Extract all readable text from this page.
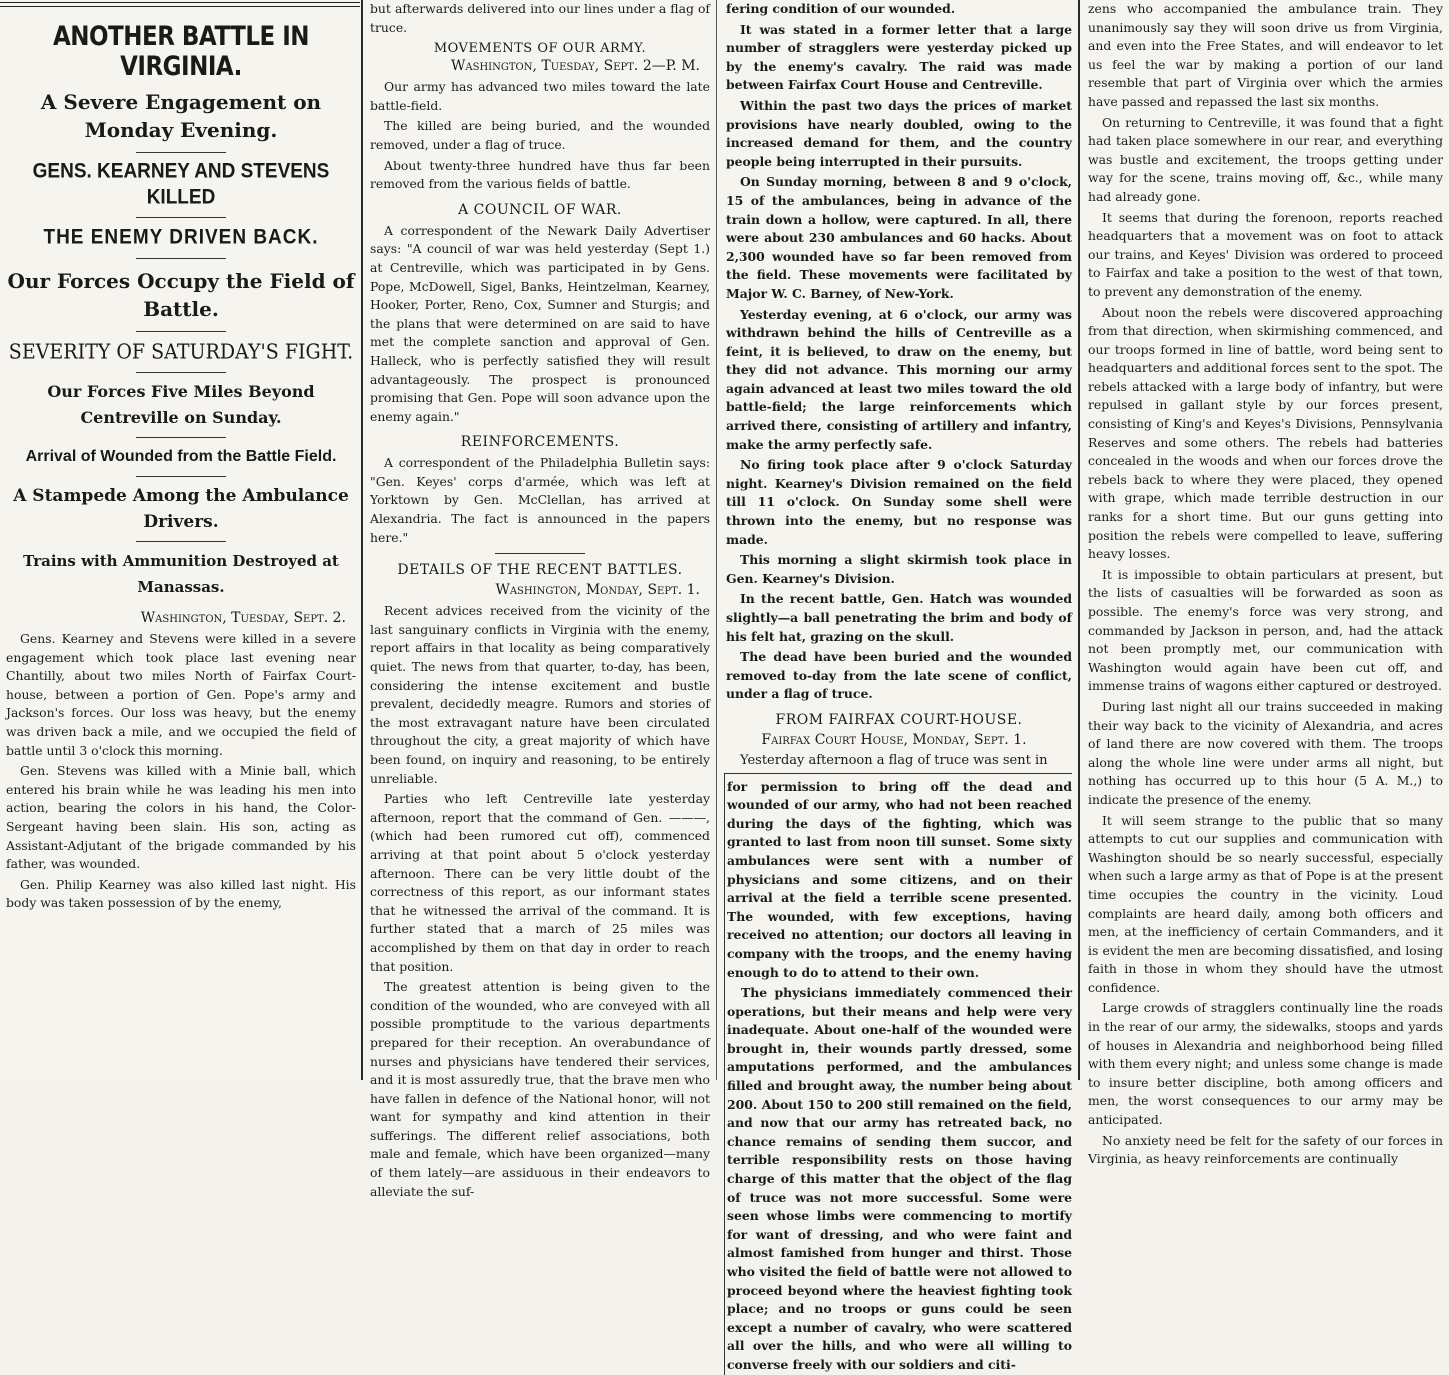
ANOTHER BATTLE IN VIRGINIA.
A Severe Engagement on Monday Evening.
GENS. KEARNEY AND STEVENS KILLED
THE ENEMY DRIVEN BACK.
Our Forces Occupy the Field of Battle.
SEVERITY OF SATURDAY'S FIGHT.
Our Forces Five Miles Beyond Centreville on Sunday.
Arrival of Wounded from the Battle Field.
A Stampede Among the Ambulance Drivers.
Trains with Ammunition Destroyed at Manassas.
Washington, Tuesday, Sept. 2.

Gens. Kearney and Stevens were killed in a severe engagement which took place last evening near Chantilly, about two miles North of Fairfax Court-house, between a portion of Gen. Pope's army and Jackson's forces. Our loss was heavy, but the enemy was driven back a mile, and we occupied the field of battle until 3 o'clock this morning.

Gen. Stevens was killed with a Minie ball, which entered his brain while he was leading his men into action, bearing the colors in his hand, the Color-Sergeant having been slain. His son, acting as Assistant-Adjutant of the brigade commanded by his father, was wounded.

Gen. Philip Kearney was also killed last night. His body was taken possession of by the enemy,

but afterwards delivered into our lines under a flag of truce.

MOVEMENTS OF OUR ARMY.
Washington, Tuesday, Sept. 2—P. M.

Our army has advanced two miles toward the late battle-field.

The killed are being buried, and the wounded removed, under a flag of truce.

About twenty-three hundred have thus far been removed from the various fields of battle.

A COUNCIL OF WAR.

A correspondent of the Newark Daily Advertiser says: "A council of war was held yesterday (Sept 1.) at Centreville, which was participated in by Gens. Pope, McDowell, Sigel, Banks, Heintzelman, Kearney, Hooker, Porter, Reno, Cox, Sumner and Sturgis; and the plans that were determined on are said to have met the complete sanction and approval of Gen. Halleck, who is perfectly satisfied they will result advantageously. The prospect is pronounced promising that Gen. Pope will soon advance upon the enemy again."

REINFORCEMENTS.

A correspondent of the Philadelphia Bulletin says: "Gen. Keyes' corps d'armée, which was left at Yorktown by Gen. McClellan, has arrived at Alexandria. The fact is announced in the papers here."

DETAILS OF THE RECENT BATTLES.
Washington, Monday, Sept. 1.

Recent advices received from the vicinity of the last sanguinary conflicts in Virginia with the enemy, report affairs in that locality as being comparatively quiet. The news from that quarter, to-day, has been, considering the intense excitement and bustle prevalent, decidedly meagre. Rumors and stories of the most extravagant nature have been circulated throughout the city, a great majority of which have been found, on inquiry and reasoning, to be entirely unreliable.

Parties who left Centreville late yesterday afternoon, report that the command of Gen. ———, (which had been rumored cut off), commenced arriving at that point about 5 o'clock yesterday afternoon. There can be very little doubt of the correctness of this report, as our informant states that he witnessed the arrival of the command. It is further stated that a march of 25 miles was accomplished by them on that day in order to reach that position.

The greatest attention is being given to the condition of the wounded, who are conveyed with all possible promptitude to the various departments prepared for their reception. An overabundance of nurses and physicians have tendered their services, and it is most assuredly true, that the brave men who have fallen in defence of the National honor, will not want for sympathy and kind attention in their sufferings. The different relief associations, both male and female, which have been organized—many of them lately—are assiduous in their endeavors to alleviate the suf-

fering condition of our wounded.

It was stated in a former letter that a large number of stragglers were yesterday picked up by the enemy's cavalry. The raid was made between Fairfax Court House and Centreville.

Within the past two days the prices of market provisions have nearly doubled, owing to the increased demand for them, and the country people being interrupted in their pursuits.

On Sunday morning, between 8 and 9 o'clock, 15 of the ambulances, being in advance of the train down a hollow, were captured. In all, there were about 230 ambulances and 60 hacks. About 2,300 wounded have so far been removed from the field. These movements were facilitated by Major W. C. Barney, of New-York.

Yesterday evening, at 6 o'clock, our army was withdrawn behind the hills of Centreville as a feint, it is believed, to draw on the enemy, but they did not advance. This morning our army again advanced at least two miles toward the old battle-field; the large reinforcements which arrived there, consisting of artillery and infantry, make the army perfectly safe.

No firing took place after 9 o'clock Saturday night. Kearney's Division remained on the field till 11 o'clock. On Sunday some shell were thrown into the enemy, but no response was made.

This morning a slight skirmish took place in Gen. Kearney's Division.

In the recent battle, Gen. Hatch was wounded slightly—a ball penetrating the brim and body of his felt hat, grazing on the skull.

The dead have been buried and the wounded removed to-day from the late scene of conflict, under a flag of truce.

FROM FAIRFAX COURT-HOUSE.
Fairfax Court House, Monday, Sept. 1.

Yesterday afternoon a flag of truce was sent in

for permission to bring off the dead and wounded of our army, who had not been reached during the days of the fighting, which was granted to last from noon till sunset. Some sixty ambulances were sent with a number of physicians and some citizens, and on their arrival at the field a terrible scene presented. The wounded, with few exceptions, having received no attention; our doctors all leaving in company with the troops, and the enemy having enough to do to attend to their own.

The physicians immediately commenced their operations, but their means and help were very inadequate. About one-half of the wounded were brought in, their wounds partly dressed, some amputations performed, and the ambulances filled and brought away, the number being about 200. About 150 to 200 still remained on the field, and now that our army has retreated back, no chance remains of sending them succor, and terrible responsibility rests on those having charge of this matter that the object of the flag of truce was not more successful. Some were seen whose limbs were commencing to mortify for want of dressing, and who were faint and almost famished from hunger and thirst. Those who visited the field of battle were not allowed to proceed beyond where the heaviest fighting took place; and no troops or guns could be seen except a number of cavalry, who were scattered all over the hills, and who were all willing to converse freely with our soldiers and citi-

zens who accompanied the ambulance train. They unanimously say they will soon drive us from Virginia, and even into the Free States, and will endeavor to let us feel the war by making a portion of our land resemble that part of Virginia over which the armies have passed and repassed the last six months.

On returning to Centreville, it was found that a fight had taken place somewhere in our rear, and everything was bustle and excitement, the troops getting under way for the scene, trains moving off, &c., while many had already gone.

It seems that during the forenoon, reports reached headquarters that a movement was on foot to attack our trains, and Keyes' Division was ordered to proceed to Fairfax and take a position to the west of that town, to prevent any demonstration of the enemy.

About noon the rebels were discovered approaching from that direction, when skirmishing commenced, and our troops formed in line of battle, word being sent to headquarters and additional forces sent to the spot. The rebels attacked with a large body of infantry, but were repulsed in gallant style by our forces present, consisting of King's and Keyes's Divisions, Pennsylvania Reserves and some others. The rebels had batteries concealed in the woods and when our forces drove the rebels back to where they were placed, they opened with grape, which made terrible destruction in our ranks for a short time. But our guns getting into position the rebels were compelled to leave, suffering heavy losses.

It is impossible to obtain particulars at present, but the lists of casualties will be forwarded as soon as possible. The enemy's force was very strong, and commanded by Jackson in person, and, had the attack not been promptly met, our communication with Washington would again have been cut off, and immense trains of wagons either captured or destroyed.

During last night all our trains succeeded in making their way back to the vicinity of Alexandria, and acres of land there are now covered with them. The troops along the whole line were under arms all night, but nothing has occurred up to this hour (5 A. M.,) to indicate the presence of the enemy.

It will seem strange to the public that so many attempts to cut our supplies and communication with Washington should be so nearly successful, especially when such a large army as that of Pope is at the present time occupies the country in the vicinity. Loud complaints are heard daily, among both officers and men, at the inefficiency of certain Commanders, and it is evident the men are becoming dissatisfied, and losing faith in those in whom they should have the utmost confidence.

Large crowds of stragglers continually line the roads in the rear of our army, the sidewalks, stoops and yards of houses in Alexandria and neighborhood being filled with them every night; and unless some change is made to insure better discipline, both among officers and men, the worst consequences to our army may be anticipated.

No anxiety need be felt for the safety of our forces in Virginia, as heavy reinforcements are continually
